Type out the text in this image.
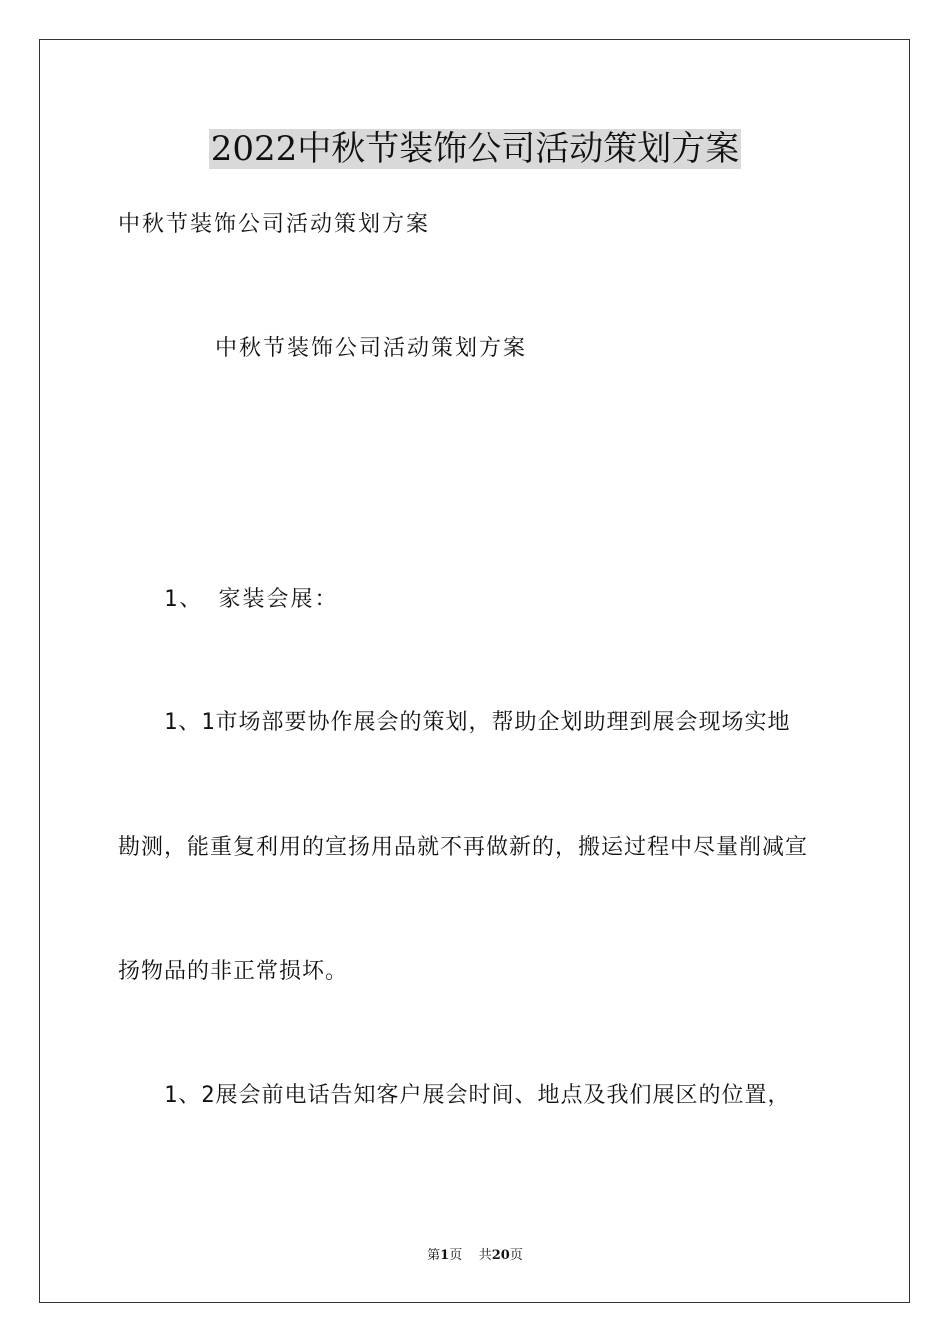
2022中秋节装饰公司活动策划方案
中秋节装饰公司活动策划方案
中秋节装饰公司活动策划方案
1、 家装会展：
1、1市场部要协作展会的策划，帮助企划助理到展会现场实地
勘测，能重复利用的宣扬用品就不再做新的，搬运过程中尽量削减宣
扬物品的非正常损坏。
1、2展会前电话告知客户展会时间、地点及我们展区的位置，
第1页 共20页
